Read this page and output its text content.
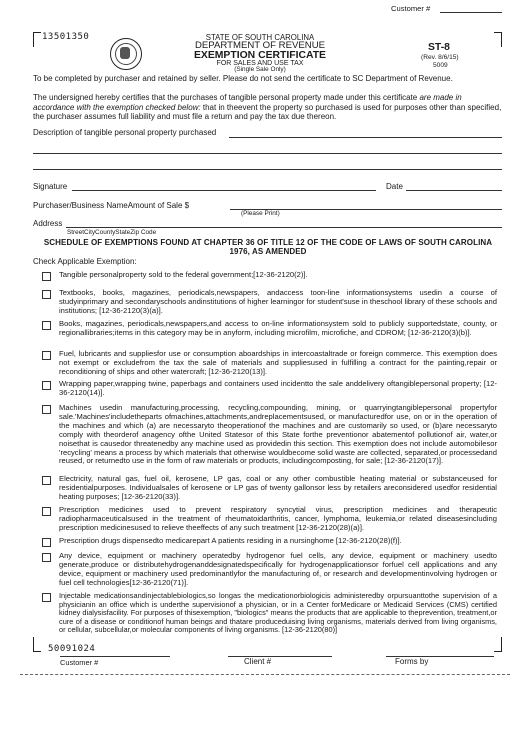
Customer #
13501350	STATE OF SOUTH CAROLINA
DEPARTMENT OF REVENUE
EXEMPTION CERTIFICATE
FOR SALES AND USE TAX
(Single Sale Only)
ST-8
(Rev. 8/6/15)
5009
To be completed by purchaser and retained by seller. Please do not send the certificate to SC Department of Revenue.
The undersigned hereby certifies that the purchases of tangible personal property made under this certificate are made in accordance with the exemption checked below: that in theevent the property so purchased is used for purposes other than specified, the purchaser assumes full liability and must file a return and pay the tax due thereon.
Description of tangible personal property purchased
Signature	Date
Purchaser/Business NameAmount of Sale $
(Please Print)
Address
StreetCityCountyStateZip Code
SCHEDULE OF EXEMPTIONS FOUND AT CHAPTER 36 OF TITLE 12 OF THE CODE OF LAWS OF SOUTH CAROLINA 1976, AS AMENDED
Check Applicable Exemption:
Tangible personalproperty sold to the federal government;[12-36-2120(2)].
Textbooks, books, magazines, periodicals,newspapers, andaccess toon-line informationsystems usedin a course of studyinprimary and secondaryschools andinstitutions of higher learningor for student'suse in theschool library of these schools and institutions; [12-36-2120(3)(a)].
Books, magazines, periodicals,newspapers,and access to on-line informationsystem sold to publicly supportedstate, county, or regionallibraries;items in this category may be in anyform, including microfilm, microfiche, and CDROM; [12-36-2120(3)(b)].
Fuel, lubricants and suppliesfor use or consumption aboardships in intercoastaltrade or foreign commerce. This exemption does not exempt or excludefrom the tax the sale of materials and suppliesused in fulfilling a contract for the painting,repair or reconditioning of ships and other watercraft; [12-36-2120(13)].
Wrapping paper,wrapping twine, paperbags and containers used incidentto the sale anddelivery oftangiblepersonal property; [12-36-2120(14)].
Machines usedin manufacturing,processing, recycling,compounding, mining, or quarryingtangiblepersonal propertyfor sale.'Machines'includetheparts ofmachines,attachments,andreplacementsused, or manufacturedfor use, on or in the operation of the machines and which (a) are necessaryto theoperationof the machines and are customarily so used, or (b)are necessaryto comply with theorderof anagency ofthe United Statesor of this State forthe preventionor abatementof pollutionof air, water,or noisethat is causedor threatenedby any machine used as providedin this section. This exemption does not include automobilesor 'recycling' means a process by which materials that otherwise wouldbecome solid waste are collected, separated,or processedand reused, or returnedto use in the form of raw materials or products, includingcomposting, for sale; [12-36-2120(17)].
Electricity, natural gas, fuel oil, kerosene, LP gas, coal or any other combustible heating material or substanceused for residentialpurposes. Individualsales of kerosene or LP gas of twenty gallonsor less by retailers areconsidered usedfor residential heating purposes; [12-36-2120(33)].
Prescription medicines used to prevent respiratory syncytial virus, prescription medicines and therapeutic radiopharmaceuticalsused in the treatment of rheumatoidarthritis, cancer, lymphoma, leukemia,or related diseasesincluding prescription medicinesused to relieve theeffects of any such treatment [12-36-2120(28)(a)].
Prescription drugs dispensedto medicarepart A patients residing in a nursinghome [12-36-2120(28)(f)].
Any device, equipment or machinery operatedby hydrogenor fuel cells, any device, equipment or machinery usedto generate,produce or distributehydrogenanddesignatedspecifically for hydrogenapplicationsor forfuel cell applications and any device, equipment or machinery used predominantlyfor the manufacturing of, or research and developmentinvolving hydrogen or fuel cell technologies[12-36-2120(71)].
Injectable medicationsandinjectablebiologics,so longas the medicationorbiologicis administeredby orpursuanttothe supervision of a physicianin an office which is underthe supervisionof a physician, or in a Center forMedicare or Medicaid Services (CMS) certified kidney dialysisfacility. For purposes of thisexemption, "biologics" means the products that are applicable to theprevention, treatment,or cure of a disease or conditionof human beings and thatare produceduising living organisms, materials derived from living organisms, or cellular, subcellular,or molecular components of living organisms. [12-36-2120(80)]
50091024
Customer #	Client #	Forms by
